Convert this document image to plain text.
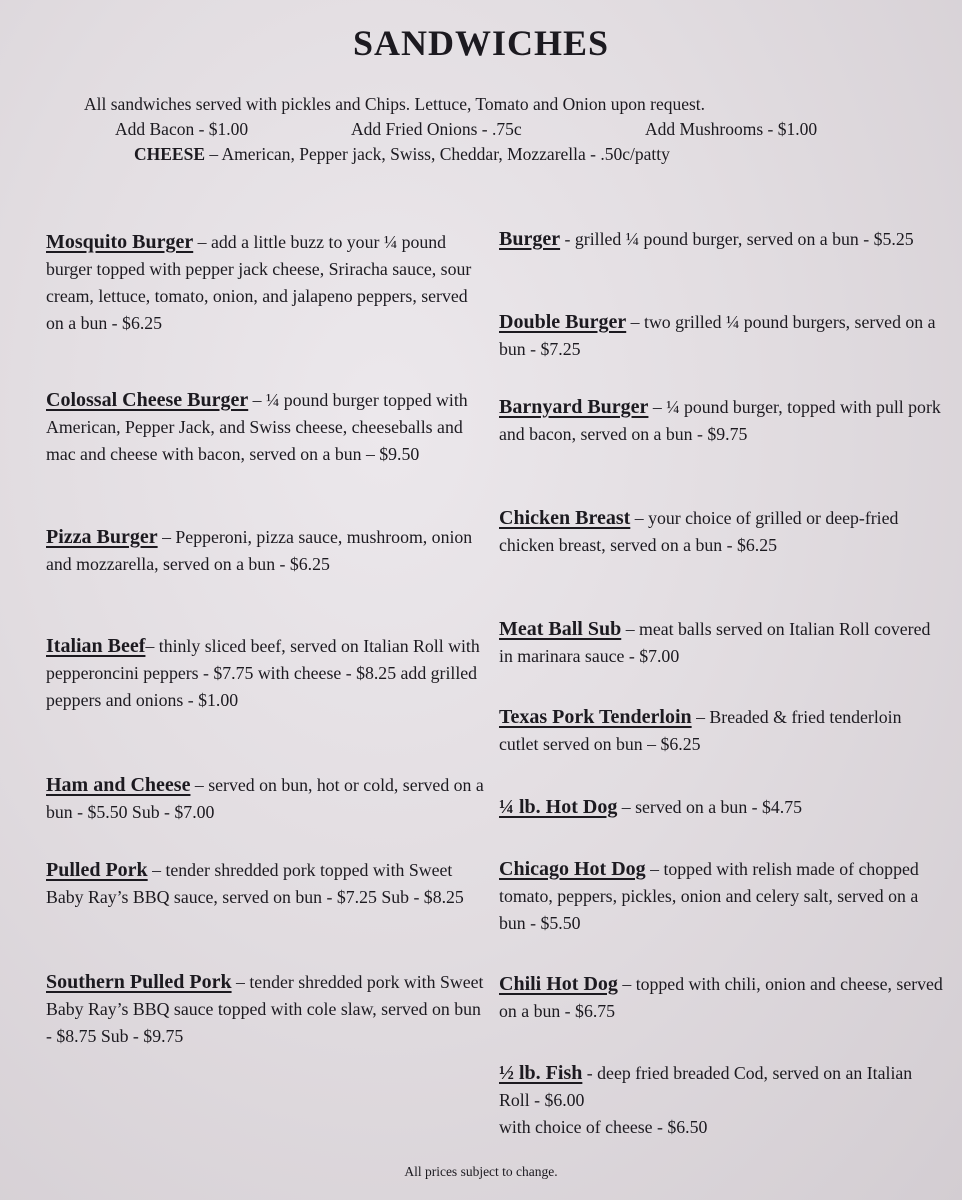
SANDWICHES
All sandwiches served with pickles and Chips. Lettuce, Tomato and Onion upon request.
Add Bacon - $1.00	Add Fried Onions - .75c	Add Mushrooms - $1.00
CHEESE – American, Pepper jack, Swiss, Cheddar, Mozzarella - .50c/patty
Mosquito Burger – add a little buzz to your ¼ pound burger topped with pepper jack cheese, Sriracha sauce, sour cream, lettuce, tomato, onion, and jalapeno peppers, served on a bun - $6.25
Colossal Cheese Burger – ¼ pound burger topped with American, Pepper Jack, and Swiss cheese, cheeseballs and mac and cheese with bacon, served on a bun – $9.50
Pizza Burger – Pepperoni, pizza sauce, mushroom, onion and mozzarella, served on a bun - $6.25
Italian Beef– thinly sliced beef, served on Italian Roll with pepperoncini peppers - $7.75 with cheese - $8.25 add grilled peppers and onions - $1.00
Ham and Cheese – served on bun, hot or cold, served on a bun - $5.50 Sub - $7.00
Pulled Pork – tender shredded pork topped with Sweet Baby Ray’s BBQ sauce, served on bun - $7.25 Sub - $8.25
Southern Pulled Pork – tender shredded pork with Sweet Baby Ray’s BBQ sauce topped with cole slaw, served on bun - $8.75 Sub - $9.75
Burger - grilled ¼ pound burger, served on a bun - $5.25
Double Burger – two grilled ¼ pound burgers, served on a bun - $7.25
Barnyard Burger – ¼ pound burger, topped with pull pork and bacon, served on a bun - $9.75
Chicken Breast – your choice of grilled or deep-fried chicken breast, served on a bun - $6.25
Meat Ball Sub – meat balls served on Italian Roll covered in marinara sauce - $7.00
Texas Pork Tenderloin – Breaded & fried tenderloin cutlet served on bun – $6.25
¼ lb. Hot Dog – served on a bun - $4.75
Chicago Hot Dog – topped with relish made of chopped tomato, peppers, pickles, onion and celery salt, served on a bun - $5.50
Chili Hot Dog – topped with chili, onion and cheese, served on a bun - $6.75
½ lb. Fish - deep fried breaded Cod, served on an Italian Roll - $6.00
with choice of cheese - $6.50
All prices subject to change.
